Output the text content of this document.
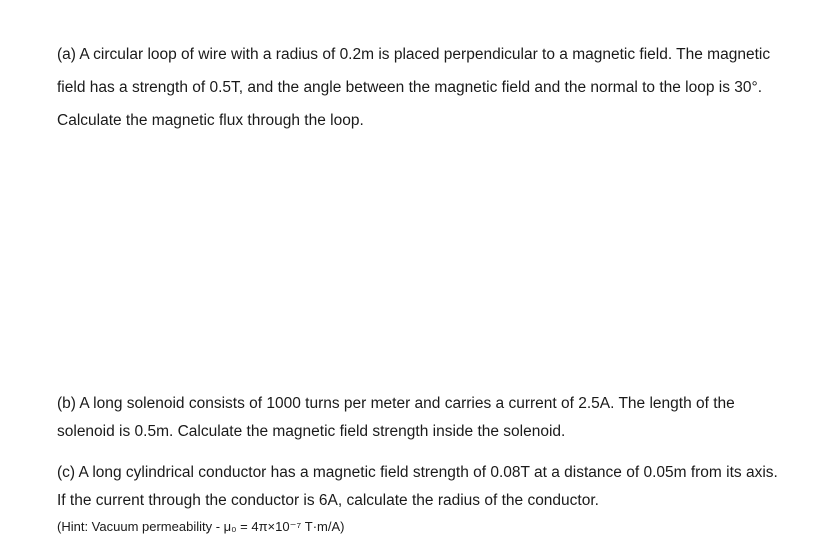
(a) A circular loop of wire with a radius of 0.2m is placed perpendicular to a magnetic field. The magnetic field has a strength of 0.5T, and the angle between the magnetic field and the normal to the loop is 30°. Calculate the magnetic flux through the loop.

(b) A long solenoid consists of 1000 turns per meter and carries a current of 2.5A. The length of the solenoid is 0.5m. Calculate the magnetic field strength inside the solenoid.

(c) A long cylindrical conductor has a magnetic field strength of 0.08T at a distance of 0.05m from its axis. If the current through the conductor is 6A, calculate the radius of the conductor.

(Hint: Vacuum permeability - μ₀ = 4π×10⁻⁷ T·m/A)
